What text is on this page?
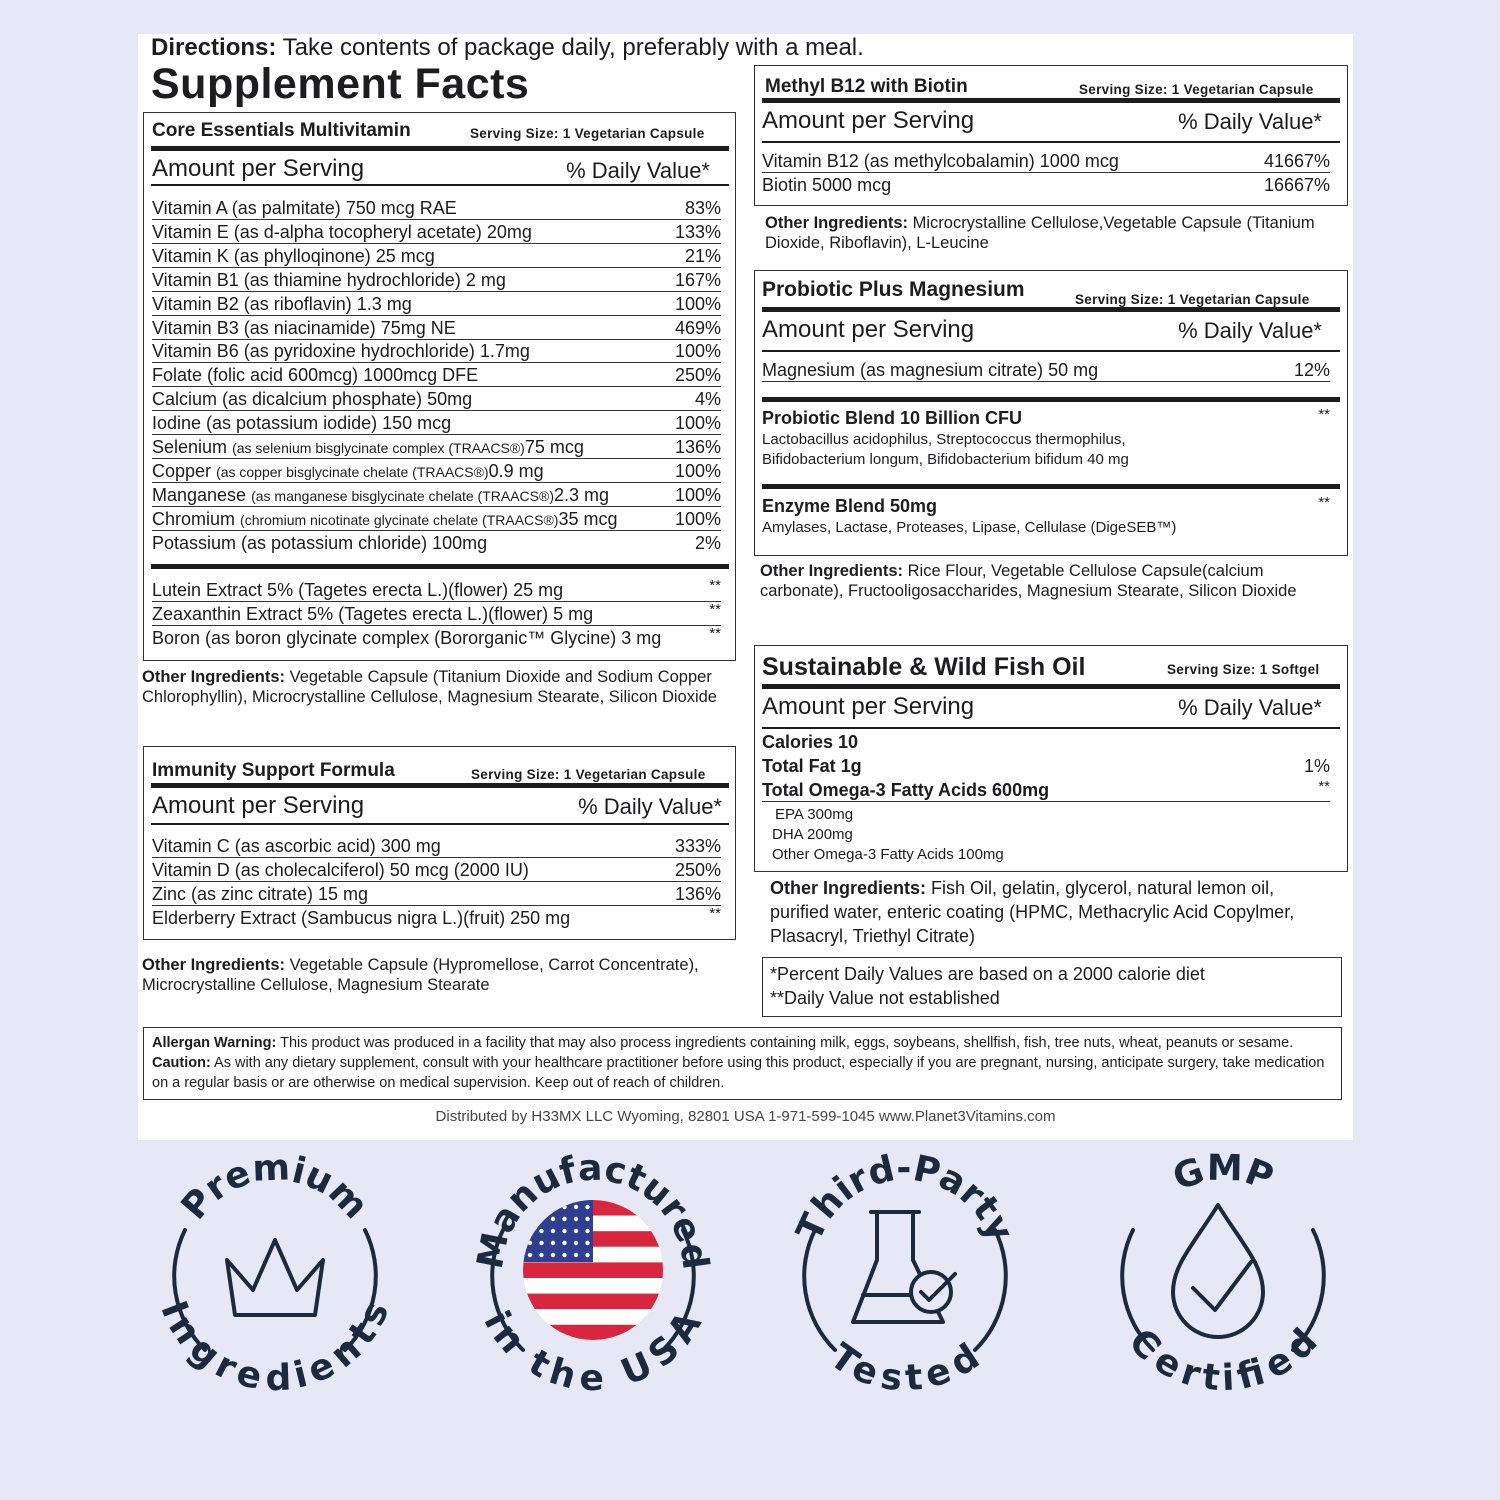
Directions: Take contents of package daily, preferably with a meal.
Supplement Facts
Core Essentials Multivitamin	Serving Size: 1 Vegetarian Capsule
Amount per Serving	% Daily Value*
Vitamin A (as palmitate) 750 mcg RAE	83%
Vitamin E (as d-alpha tocopheryl acetate) 20mg	133%
Vitamin K (as phylloqinone) 25 mcg	21%
Vitamin B1 (as thiamine hydrochloride) 2 mg	167%
Vitamin B2 (as riboflavin) 1.3 mg	100%
Vitamin B3 (as niacinamide) 75mg NE	469%
Vitamin B6 (as pyridoxine hydrochloride) 1.7mg	100%
Folate (folic acid 600mcg) 1000mcg DFE	250%
Calcium (as dicalcium phosphate) 50mg	4%
Iodine (as potassium iodide) 150 mcg	100%
Selenium (as selenium bisglycinate complex (TRAACS®)75 mcg	136%
Copper (as copper bisglycinate chelate (TRAACS®)0.9 mg	100%
Manganese (as manganese bisglycinate chelate (TRAACS®)2.3 mg	100%
Chromium (chromium nicotinate glycinate chelate (TRAACS®)35 mcg	100%
Potassium (as potassium chloride) 100mg	2%
Lutein Extract 5% (Tagetes erecta L.)(flower) 25 mg	**
Zeaxanthin Extract 5% (Tagetes erecta L.)(flower) 5 mg	**
Boron (as boron glycinate complex (Bororganic™ Glycine) 3 mg	**
Other Ingredients: Vegetable Capsule (Titanium Dioxide and Sodium Copper Chlorophyllin), Microcrystalline Cellulose, Magnesium Stearate, Silicon Dioxide
Immunity Support Formula	Serving Size: 1 Vegetarian Capsule
Amount per Serving	% Daily Value*
Vitamin C (as ascorbic acid) 300 mg	333%
Vitamin D (as cholecalciferol) 50 mcg (2000 IU)	250%
Zinc (as zinc citrate) 15 mg	136%
Elderberry Extract (Sambucus nigra L.)(fruit) 250 mg	**
Other Ingredients: Vegetable Capsule (Hypromellose, Carrot Concentrate), Microcrystalline Cellulose, Magnesium Stearate
Methyl B12 with Biotin	Serving Size: 1 Vegetarian Capsule
Amount per Serving	% Daily Value*
Vitamin B12 (as methylcobalamin) 1000 mcg	41667%
Biotin 5000 mcg	16667%
Other Ingredients: Microcrystalline Cellulose,Vegetable Capsule (Titanium Dioxide, Riboflavin), L-Leucine
Probiotic Plus Magnesium	Serving Size: 1 Vegetarian Capsule
Amount per Serving	% Daily Value*
Magnesium (as magnesium citrate) 50 mg	12%
Probiotic Blend 10 Billion CFU	**
Lactobacillus acidophilus, Streptococcus thermophilus,
Bifidobacterium longum, Bifidobacterium bifidum 40 mg
Enzyme Blend 50mg	**
Amylases, Lactase, Proteases, Lipase, Cellulase (DigeSEB™)
Other Ingredients: Rice Flour, Vegetable Cellulose Capsule(calcium carbonate), Fructooligosaccharides, Magnesium Stearate, Silicon Dioxide
Sustainable & Wild Fish Oil	Serving Size: 1 Softgel
Amount per Serving	% Daily Value*
Calories 10
Total Fat 1g	1%
Total Omega-3 Fatty Acids 600mg	**
EPA 300mg
DHA 200mg
Other Omega-3 Fatty Acids 100mg
Other Ingredients: Fish Oil, gelatin, glycerol, natural lemon oil, purified water, enteric coating (HPMC, Methacrylic Acid Copylmer, Plasacryl, Triethyl Citrate)
*Percent Daily Values are based on a 2000 calorie diet
**Daily Value not established
Allergan Warning: This product was produced in a facility that may also process ingredients containing milk, eggs, soybeans, shellfish, fish, tree nuts, wheat, peanuts or sesame. Caution: As with any dietary supplement, consult with your healthcare practitioner before using this product, especially if you are pregnant, nursing, anticipate surgery, take medication on a regular basis or are otherwise on medical supervision. Keep out of reach of children.
Distributed by H33MX LLC Wyoming, 82801 USA 1-971-599-1045 www.Planet3Vitamins.com
Premium
Ingredients
Manufactured
in the USA
Third-Party
Tested
GMP
Certified
